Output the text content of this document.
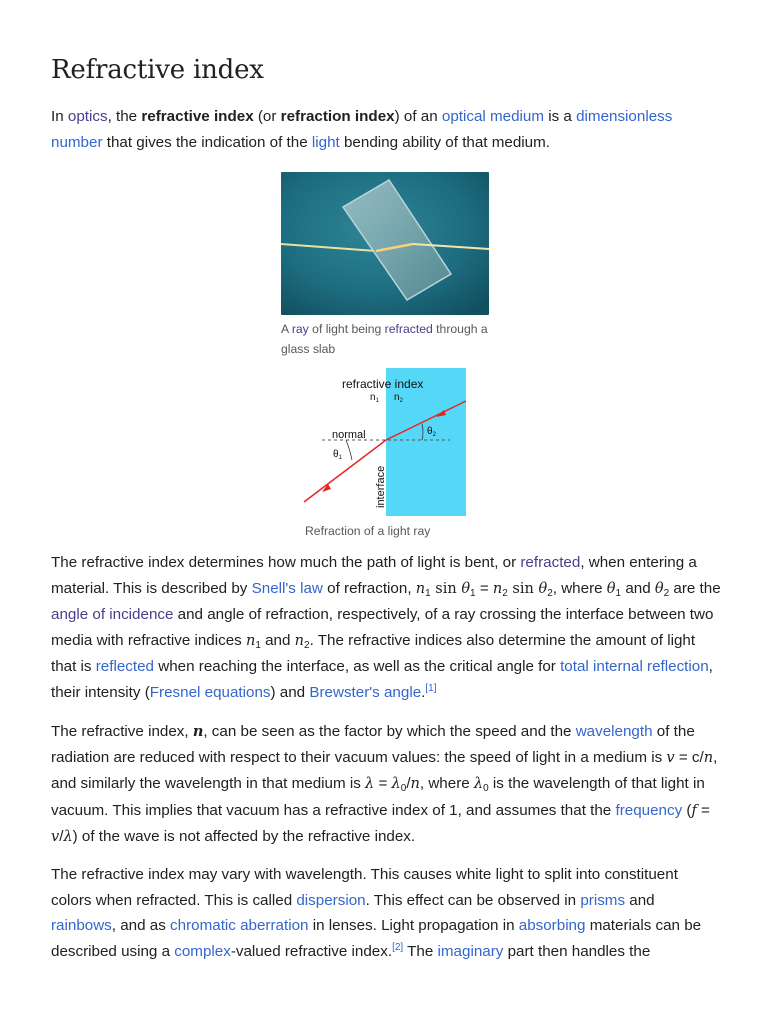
Refractive index

In optics, the refractive index (or refraction index) of an optical medium is a dimensionless number that gives the indication of the light bending ability of that medium.

A ray of light being refracted through a glass slab

refractive index
$n_1$ $n_2$
normal
$\theta_1$
$\theta_2$
interface

Refraction of a light ray

The refractive index determines how much the path of light is bent, or refracted, when entering a material. This is described by Snell's law of refraction, $n_1$ $\sin \theta_1 = n_2$ $\sin \theta_2$, where $\theta_1$ and $\theta_2$ are the angle of incidence and angle of refraction, respectively, of a ray crossing the interface between two media with refractive indices $n_1$ and $n_2$. The refractive indices also determine the amount of light that is reflected when reaching the interface, as well as the critical angle for total internal reflection, their intensity (Fresnel equations) and Brewster's angle.[1]

The refractive index, n, can be seen as the factor by which the speed and the wavelength of the radiation are reduced with respect to their vacuum values: the speed of light in a medium is v = c/n, and similarly the wavelength in that medium is $\lambda = \lambda_0/n$, where $\lambda_0$ is the wavelength of that light in vacuum. This implies that vacuum has a refractive index of 1, and assumes that the frequency (f = v/λ) of the wave is not affected by the refractive index.

The refractive index may vary with wavelength. This causes white light to split into constituent colors when refracted. This is called dispersion. This effect can be observed in prisms and rainbows, and as chromatic aberration in lenses. Light propagation in absorbing materials can be described using a complex-valued refractive index.[2] The imaginary part then handles the
